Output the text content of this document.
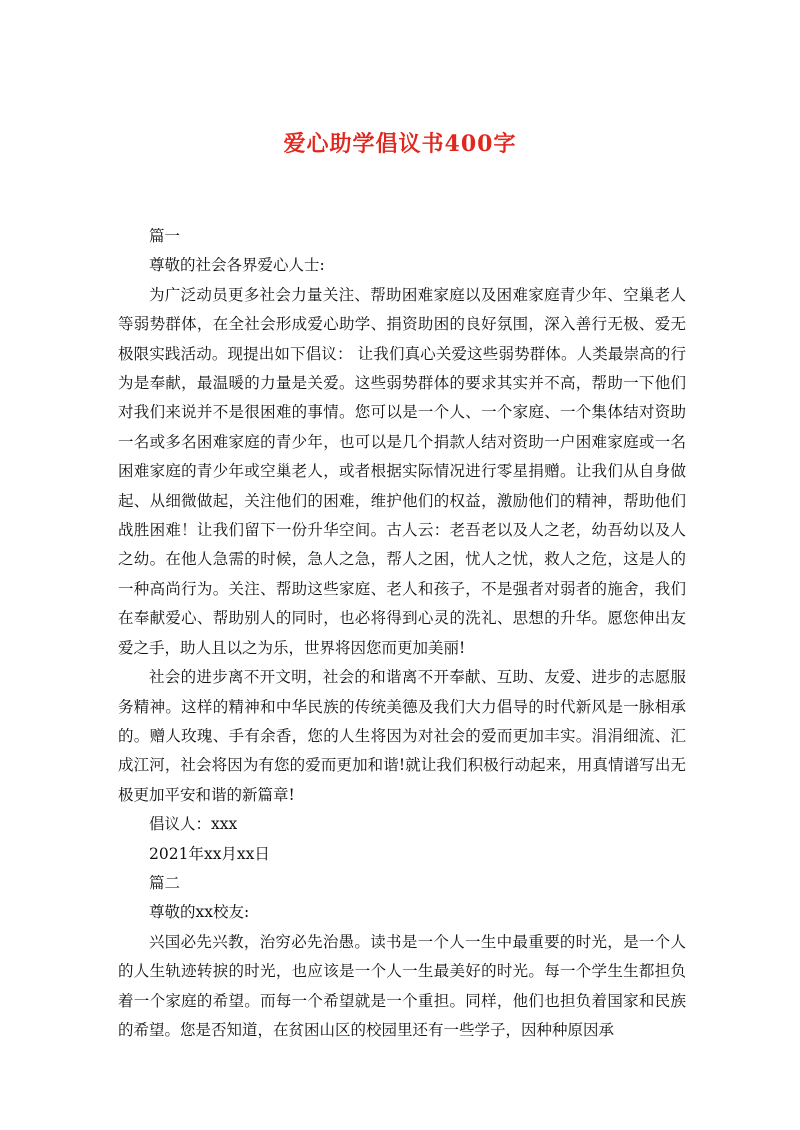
爱心助学倡议书400字

篇一

尊敬的社会各界爱心人士:

为广泛动员更多社会力量关注、帮助困难家庭以及困难家庭青少年、空巢老人等弱势群体，在全社会形成爱心助学、捐资助困的良好氛围，深入善行无极、爱无极限实践活动。现提出如下倡议： 让我们真心关爱这些弱势群体。人类最崇高的行为是奉献，最温暖的力量是关爱。这些弱势群体的要求其实并不高，帮助一下他们对我们来说并不是很困难的事情。您可以是一个人、一个家庭、一个集体结对资助一名或多名困难家庭的青少年，也可以是几个捐款人结对资助一户困难家庭或一名困难家庭的青少年或空巢老人，或者根据实际情况进行零星捐赠。让我们从自身做起、从细微做起，关注他们的困难，维护他们的权益，激励他们的精神，帮助他们战胜困难！让我们留下一份升华空间。古人云：老吾老以及人之老，幼吾幼以及人之幼。在他人急需的时候，急人之急，帮人之困，忧人之忧，救人之危，这是人的一种高尚行为。关注、帮助这些家庭、老人和孩子，不是强者对弱者的施舍，我们在奉献爱心、帮助别人的同时，也必将得到心灵的洗礼、思想的升华。愿您伸出友爱之手，助人且以之为乐，世界将因您而更加美丽!

社会的进步离不开文明，社会的和谐离不开奉献、互助、友爱、进步的志愿服务精神。这样的精神和中华民族的传统美德及我们大力倡导的时代新风是一脉相承的。赠人玫瑰、手有余香，您的人生将因为对社会的爱而更加丰实。涓涓细流、汇成江河，社会将因为有您的爱而更加和谐!就让我们积极行动起来，用真情谱写出无极更加平安和谐的新篇章!

倡议人：xxx

2021年xx月xx日

篇二

尊敬的xx校友:

兴国必先兴教，治穷必先治愚。读书是一个人一生中最重要的时光，是一个人的人生轨迹转捩的时光，也应该是一个人一生最美好的时光。每一个学生生都担负着一个家庭的希望。而每一个希望就是一个重担。同样，他们也担负着国家和民族的希望。您是否知道，在贫困山区的校园里还有一些学子，因种种原因承
